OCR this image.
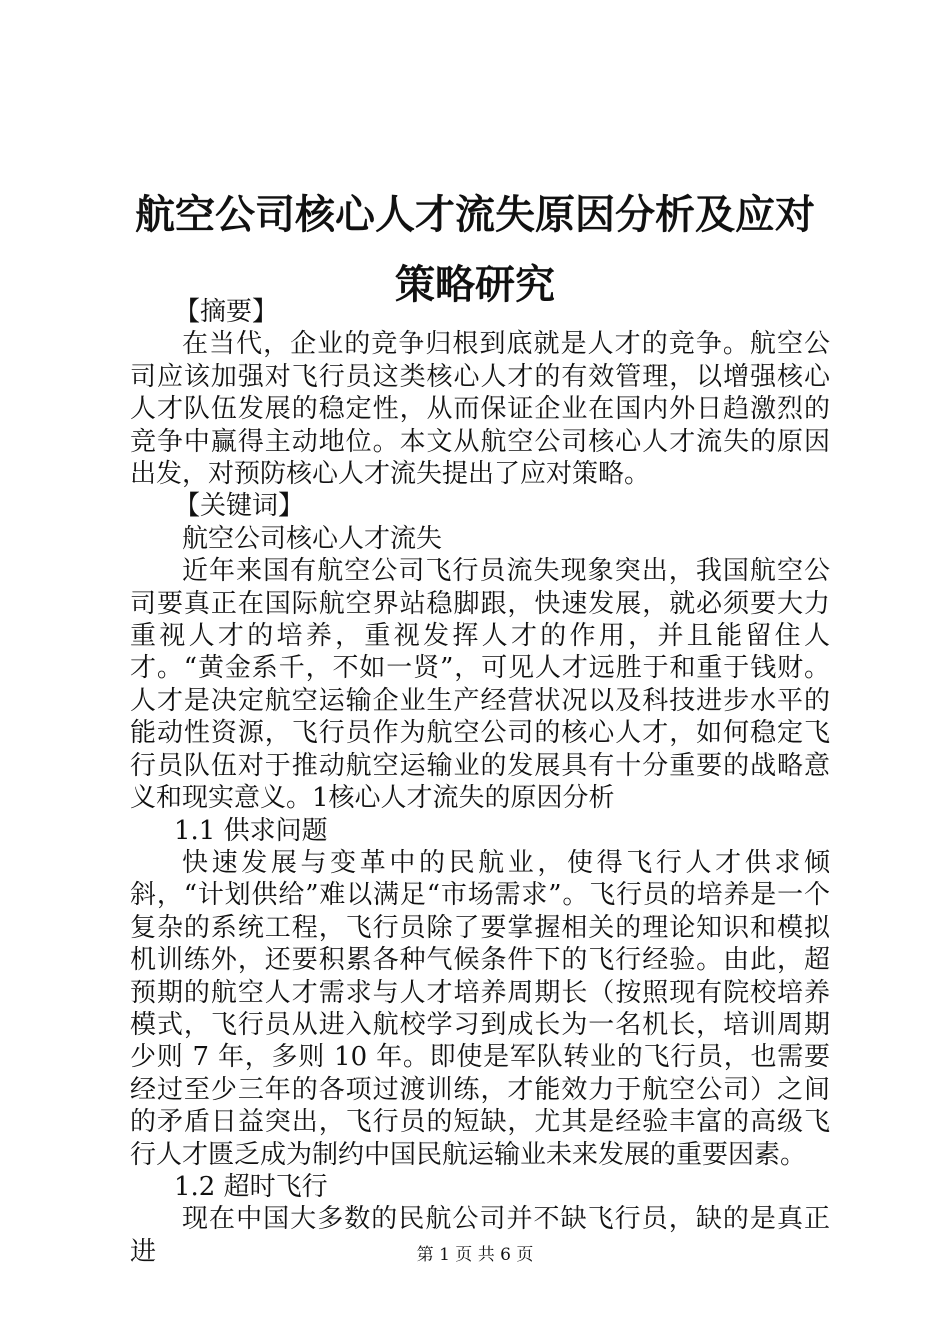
航空公司核心人才流失原因分析及应对策略研究

【摘要】

在当代，企业的竞争归根到底就是人才的竞争。航空公司应该加强对飞行员这类核心人才的有效管理，以增强核心人才队伍发展的稳定性，从而保证企业在国内外日趋激烈的竞争中赢得主动地位。本文从航空公司核心人才流失的原因出发，对预防核心人才流失提出了应对策略。

【关键词】

航空公司核心人才流失

近年来国有航空公司飞行员流失现象突出，我国航空公司要真正在国际航空界站稳脚跟，快速发展，就必须要大力重视人才的培养，重视发挥人才的作用，并且能留住人才。“黄金系千，不如一贤”，可见人才远胜于和重于钱财。人才是决定航空运输企业生产经营状况以及科技进步水平的能动性资源，飞行员作为航空公司的核心人才，如何稳定飞行员队伍对于推动航空运输业的发展具有十分重要的战略意义和现实意义。1核心人才流失的原因分析

1.1 供求问题

快速发展与变革中的民航业，使得飞行人才供求倾斜，“计划供给”难以满足“市场需求”。飞行员的培养是一个复杂的系统工程，飞行员除了要掌握相关的理论知识和模拟机训练外，还要积累各种气候条件下的飞行经验。由此，超预期的航空人才需求与人才培养周期长（按照现有院校培养模式，飞行员从进入航校学习到成长为一名机长，培训周期少则 7 年，多则 10 年。即使是军队转业的飞行员，也需要经过至少三年的各项过渡训练，才能效力于航空公司）之间的矛盾日益突出，飞行员的短缺，尤其是经验丰富的高级飞行人才匮乏成为制约中国民航运输业未来发展的重要因素。

1.2 超时飞行

现在中国大多数的民航公司并不缺飞行员，缺的是真正进	第 1 页 共 6 页
